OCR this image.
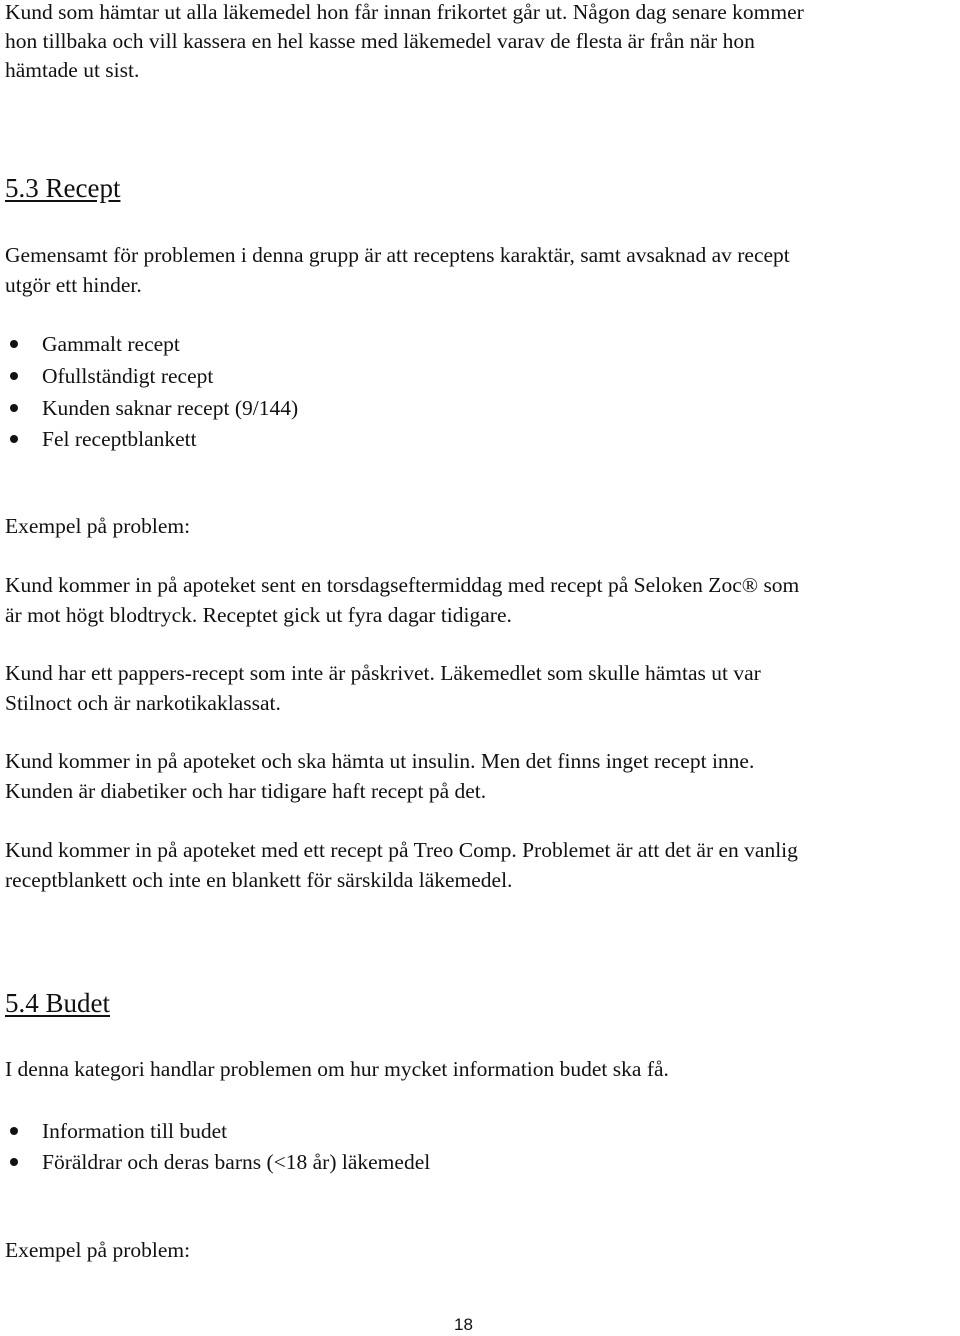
Kund som hämtar ut alla läkemedel hon får innan frikortet går ut. Någon dag senare kommer
hon tillbaka och vill kassera en hel kasse med läkemedel varav de flesta är från när hon
hämtade ut sist.
5.3 Recept
Gemensamt för problemen i denna grupp är att receptens karaktär, samt avsaknad av recept
utgör ett hinder.
Gammalt recept
Ofullständigt recept
Kunden saknar recept (9/144)
Fel receptblankett
Exempel på problem:
Kund kommer in på apoteket sent en torsdagseftermiddag med recept på Seloken Zoc® som
är mot högt blodtryck. Receptet gick ut fyra dagar tidigare.
Kund har ett pappers-recept som inte är påskrivet. Läkemedlet som skulle hämtas ut var
Stilnoct och är narkotikaklassat.
Kund kommer in på apoteket och ska hämta ut insulin. Men det finns inget recept inne.
Kunden är diabetiker och har tidigare haft recept på det.
Kund kommer in på apoteket med ett recept på Treo Comp. Problemet är att det är en vanlig
receptblankett och inte en blankett för särskilda läkemedel.
5.4 Budet
I denna kategori handlar problemen om hur mycket information budet ska få.
Information till budet
Föräldrar och deras barns (<18 år) läkemedel
Exempel på problem:
18
